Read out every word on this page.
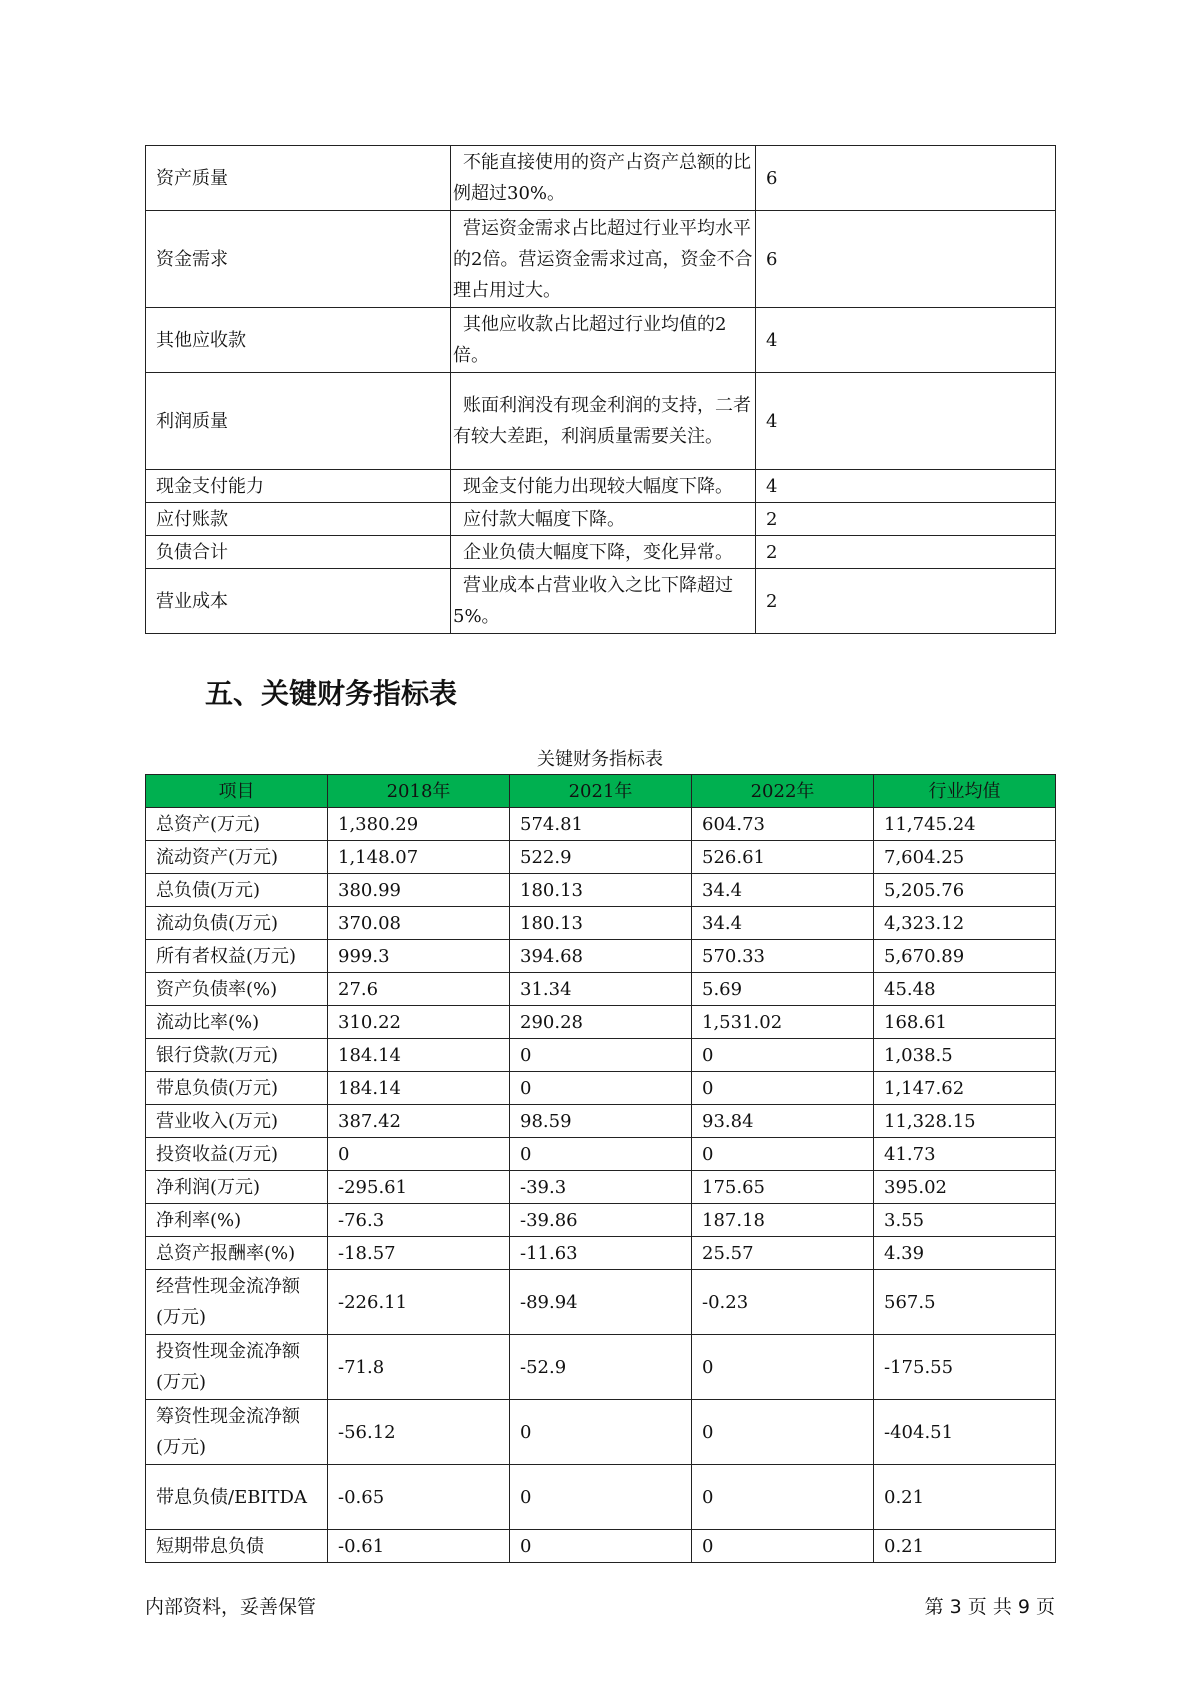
资产质量	不能直接使用的资产占资产总额的比例超过30%。	6
资金需求	营运资金需求占比超过行业平均水平的2倍。营运资金需求过高，资金不合理占用过大。	6
其他应收款	其他应收款占比超过行业均值的2倍。	4
利润质量	账面利润没有现金利润的支持，二者有较大差距，利润质量需要关注。	4
现金支付能力	现金支付能力出现较大幅度下降。	4
应付账款	应付款大幅度下降。	2
负债合计	企业负债大幅度下降，变化异常。	2
营业成本	营业成本占营业收入之比下降超过5%。	2
五、关键财务指标表
关键财务指标表
项目	2018年	2021年	2022年	行业均值
总资产(万元)	1,380.29	574.81	604.73	11,745.24
流动资产(万元)	1,148.07	522.9	526.61	7,604.25
总负债(万元)	380.99	180.13	34.4	5,205.76
流动负债(万元)	370.08	180.13	34.4	4,323.12
所有者权益(万元)	999.3	394.68	570.33	5,670.89
资产负债率(%)	27.6	31.34	5.69	45.48
流动比率(%)	310.22	290.28	1,531.02	168.61
银行贷款(万元)	184.14	0	0	1,038.5
带息负债(万元)	184.14	0	0	1,147.62
营业收入(万元)	387.42	98.59	93.84	11,328.15
投资收益(万元)	0	0	0	41.73
净利润(万元)	-295.61	-39.3	175.65	395.02
净利率(%)	-76.3	-39.86	187.18	3.55
总资产报酬率(%)	-18.57	-11.63	25.57	4.39
经营性现金流净额(万元)	-226.11	-89.94	-0.23	567.5
投资性现金流净额(万元)	-71.8	-52.9	0	-175.55
筹资性现金流净额(万元)	-56.12	0	0	-404.51
带息负债/EBITDA	-0.65	0	0	0.21
短期带息负债	-0.61	0	0	0.21
内部资料，妥善保管	第 3 页 共 9 页
